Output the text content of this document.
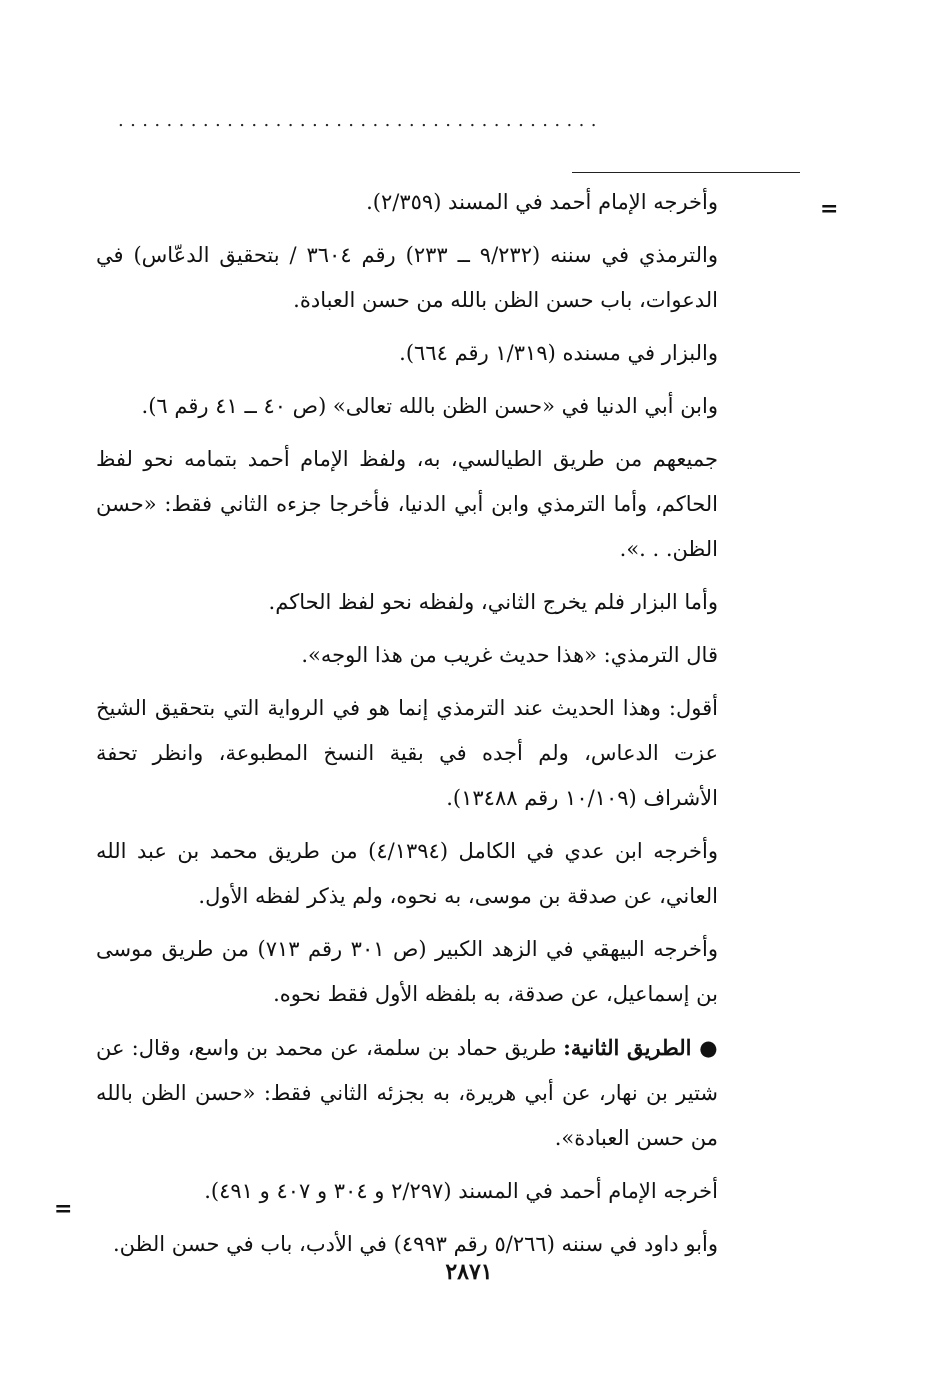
........................................
=

وأخرجه الإمام أحمد في المسند (٢/٣٥٩).

والترمذي في سننه (٩/٢٣٢ ــ ٢٣٣) رقم ٣٦٠٤ / بتحقيق الدعّاس) في الدعوات، باب حسن الظن بالله من حسن العبادة.

والبزار في مسنده (١/٣١٩ رقم ٦٦٤).

وابن أبي الدنيا في «حسن الظن بالله تعالى» (ص ٤٠ ــ ٤١ رقم ٦).

جميعهم من طريق الطيالسي، به، ولفظ الإمام أحمد بتمامه نحو لفظ الحاكم، وأما الترمذي وابن أبي الدنيا، فأخرجا جزءه الثاني فقط: «حسن الظن. . .».

وأما البزار فلم يخرج الثاني، ولفظه نحو لفظ الحاكم.

قال الترمذي: «هذا حديث غريب من هذا الوجه».

أقول: وهذا الحديث عند الترمذي إنما هو في الرواية التي بتحقيق الشيخ عزت الدعاس، ولم أجده في بقية النسخ المطبوعة، وانظر تحفة الأشراف (١٠/١٠٩ رقم ١٣٤٨٨).

وأخرجه ابن عدي في الكامل (٤/١٣٩٤) من طريق محمد بن عبد الله العاني، عن صدقة بن موسى، به نحوه، ولم يذكر لفظه الأول.

وأخرجه البيهقي في الزهد الكبير (ص ٣٠١ رقم ٧١٣) من طريق موسى بن إسماعيل، عن صدقة، به بلفظه الأول فقط نحوه.

● الطريق الثانية: طريق حماد بن سلمة، عن محمد بن واسع، وقال: عن شتير بن نهار، عن أبي هريرة، به بجزئه الثاني فقط: «حسن الظن بالله من حسن العبادة».

أخرجه الإمام أحمد في المسند (٢/٢٩٧ و ٣٠٤ و ٤٠٧ و ٤٩١).

وأبو داود في سننه (٥/٢٦٦ رقم ٤٩٩٣) في الأدب، باب في حسن الظن.

=
٢٨٧١
